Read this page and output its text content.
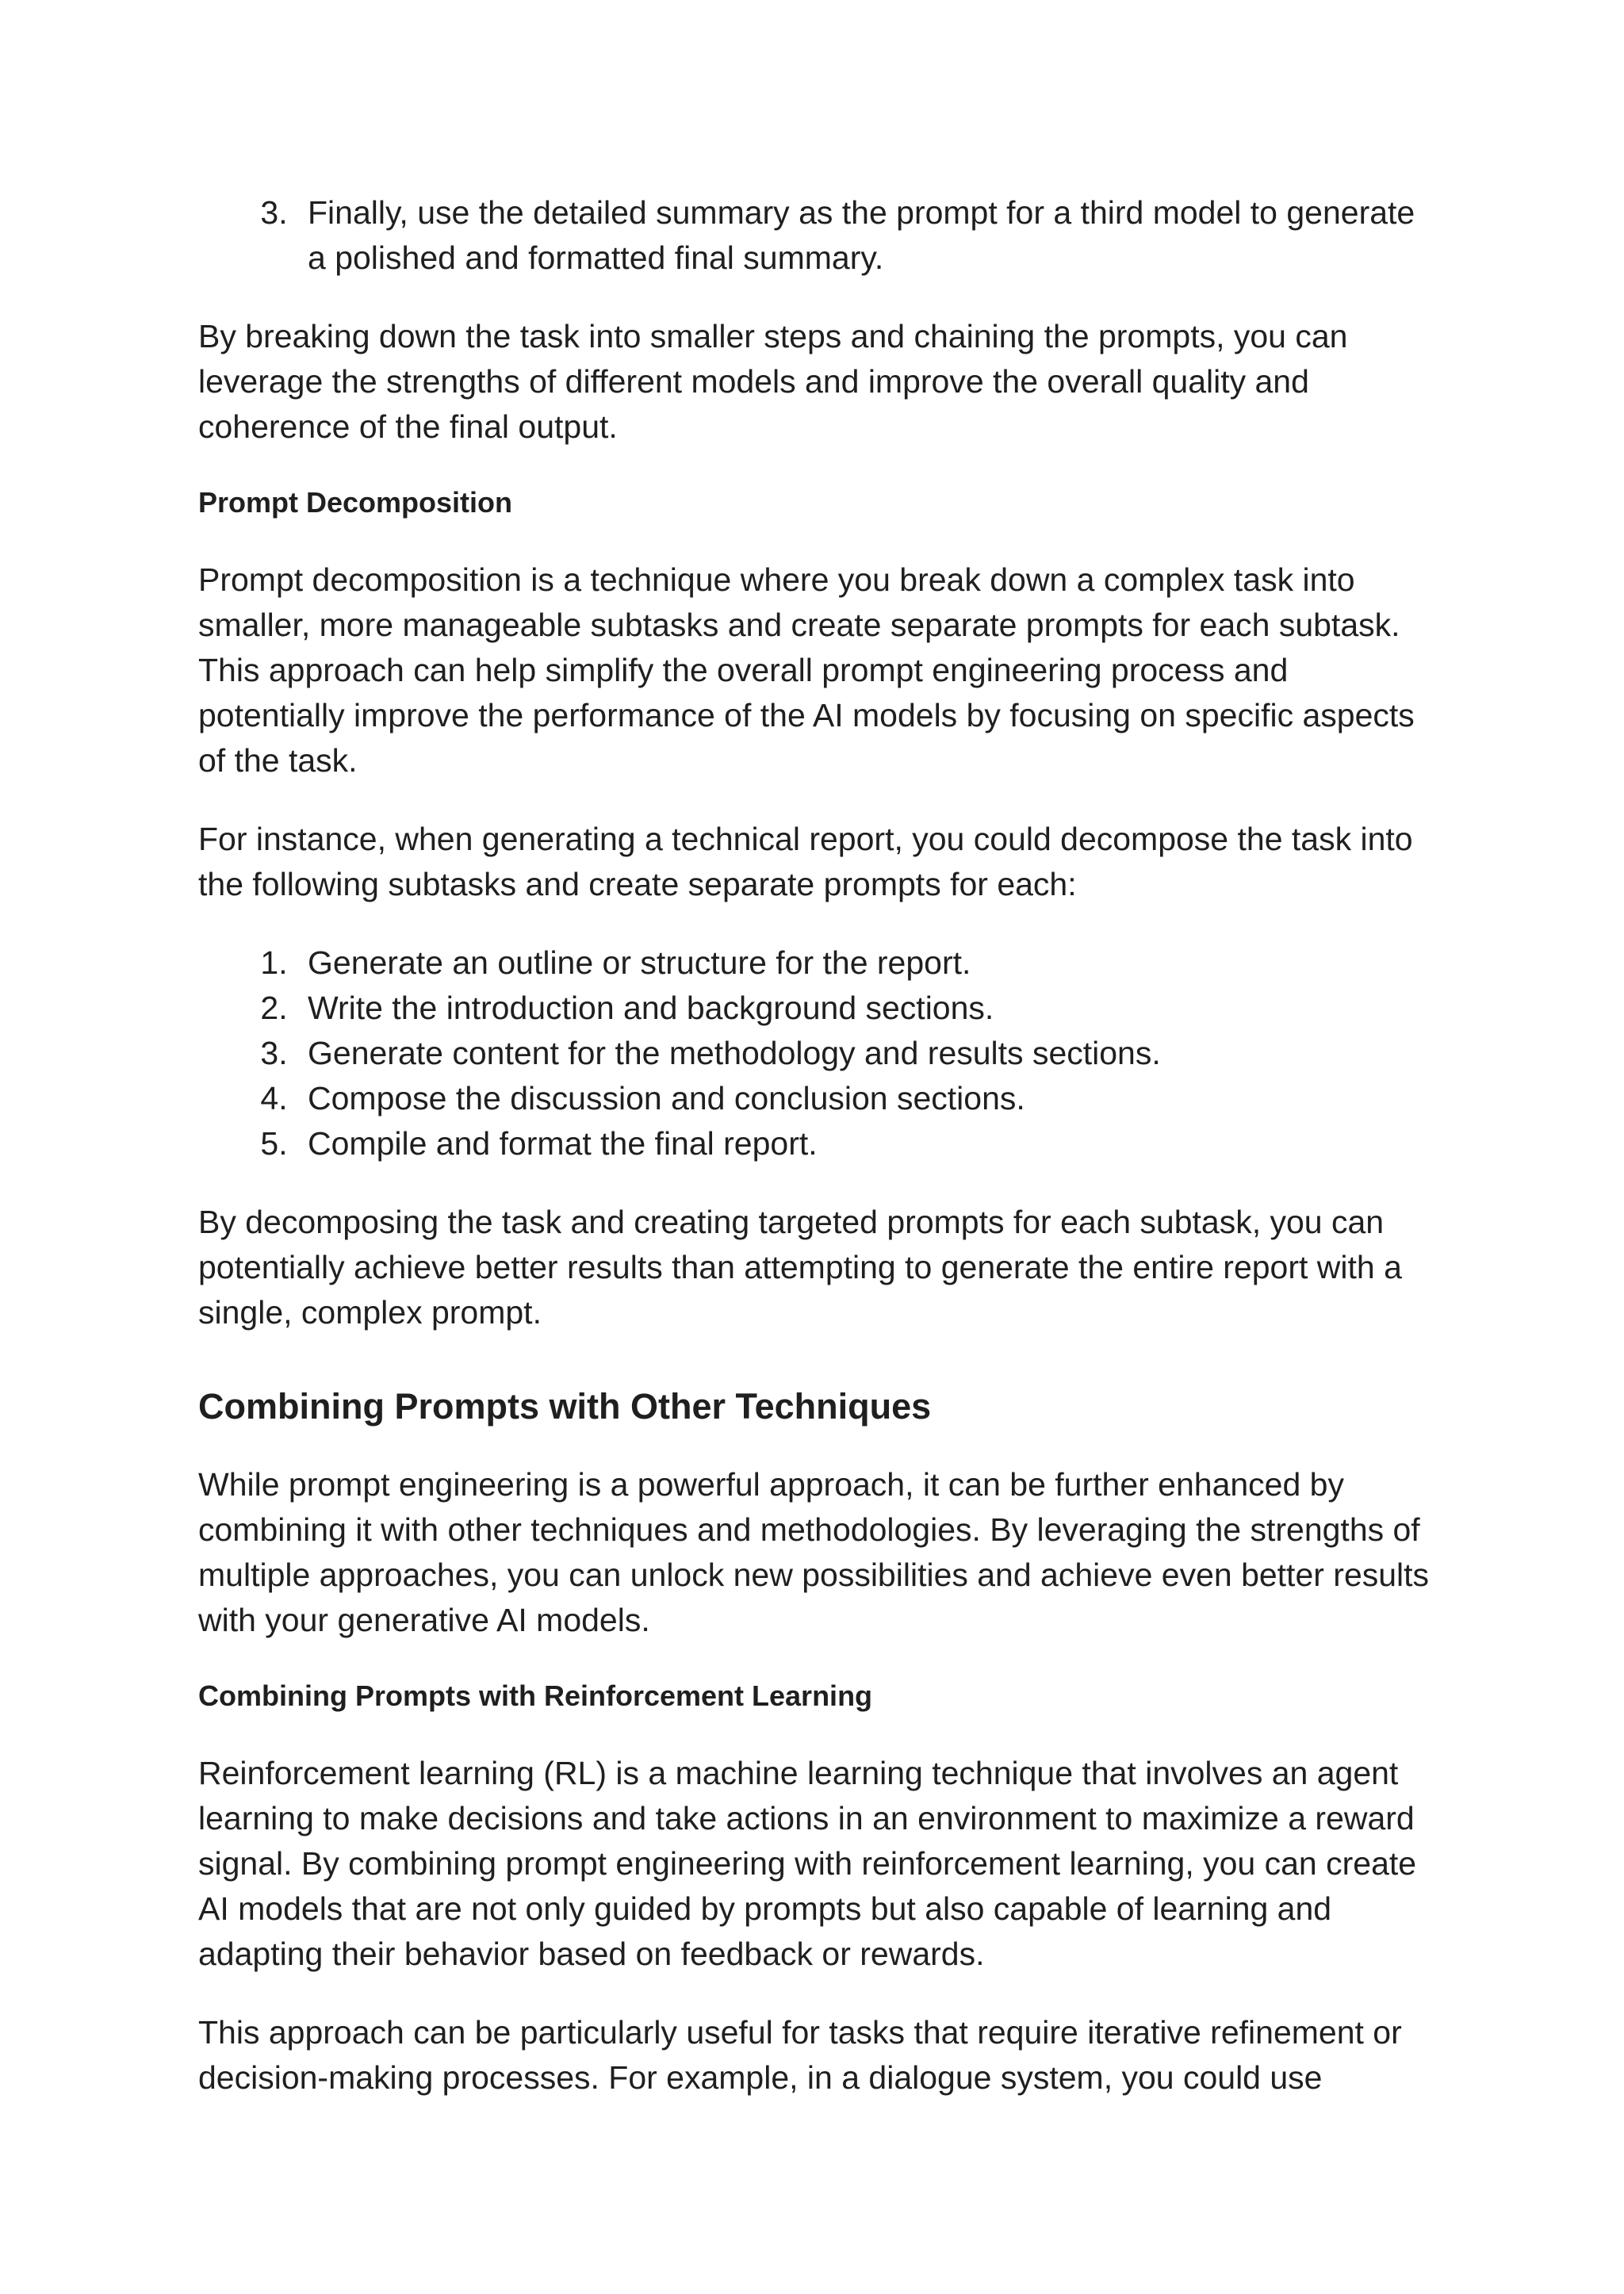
3. Finally, use the detailed summary as the prompt for a third model to generate a polished and formatted final summary.

By breaking down the task into smaller steps and chaining the prompts, you can leverage the strengths of different models and improve the overall quality and coherence of the final output.

Prompt Decomposition

Prompt decomposition is a technique where you break down a complex task into smaller, more manageable subtasks and create separate prompts for each subtask. This approach can help simplify the overall prompt engineering process and potentially improve the performance of the AI models by focusing on specific aspects of the task.

For instance, when generating a technical report, you could decompose the task into the following subtasks and create separate prompts for each:

1. Generate an outline or structure for the report.
2. Write the introduction and background sections.
3. Generate content for the methodology and results sections.
4. Compose the discussion and conclusion sections.
5. Compile and format the final report.

By decomposing the task and creating targeted prompts for each subtask, you can potentially achieve better results than attempting to generate the entire report with a single, complex prompt.

Combining Prompts with Other Techniques

While prompt engineering is a powerful approach, it can be further enhanced by combining it with other techniques and methodologies. By leveraging the strengths of multiple approaches, you can unlock new possibilities and achieve even better results with your generative AI models.

Combining Prompts with Reinforcement Learning

Reinforcement learning (RL) is a machine learning technique that involves an agent learning to make decisions and take actions in an environment to maximize a reward signal. By combining prompt engineering with reinforcement learning, you can create AI models that are not only guided by prompts but also capable of learning and adapting their behavior based on feedback or rewards.

This approach can be particularly useful for tasks that require iterative refinement or decision-making processes. For example, in a dialogue system, you could use
